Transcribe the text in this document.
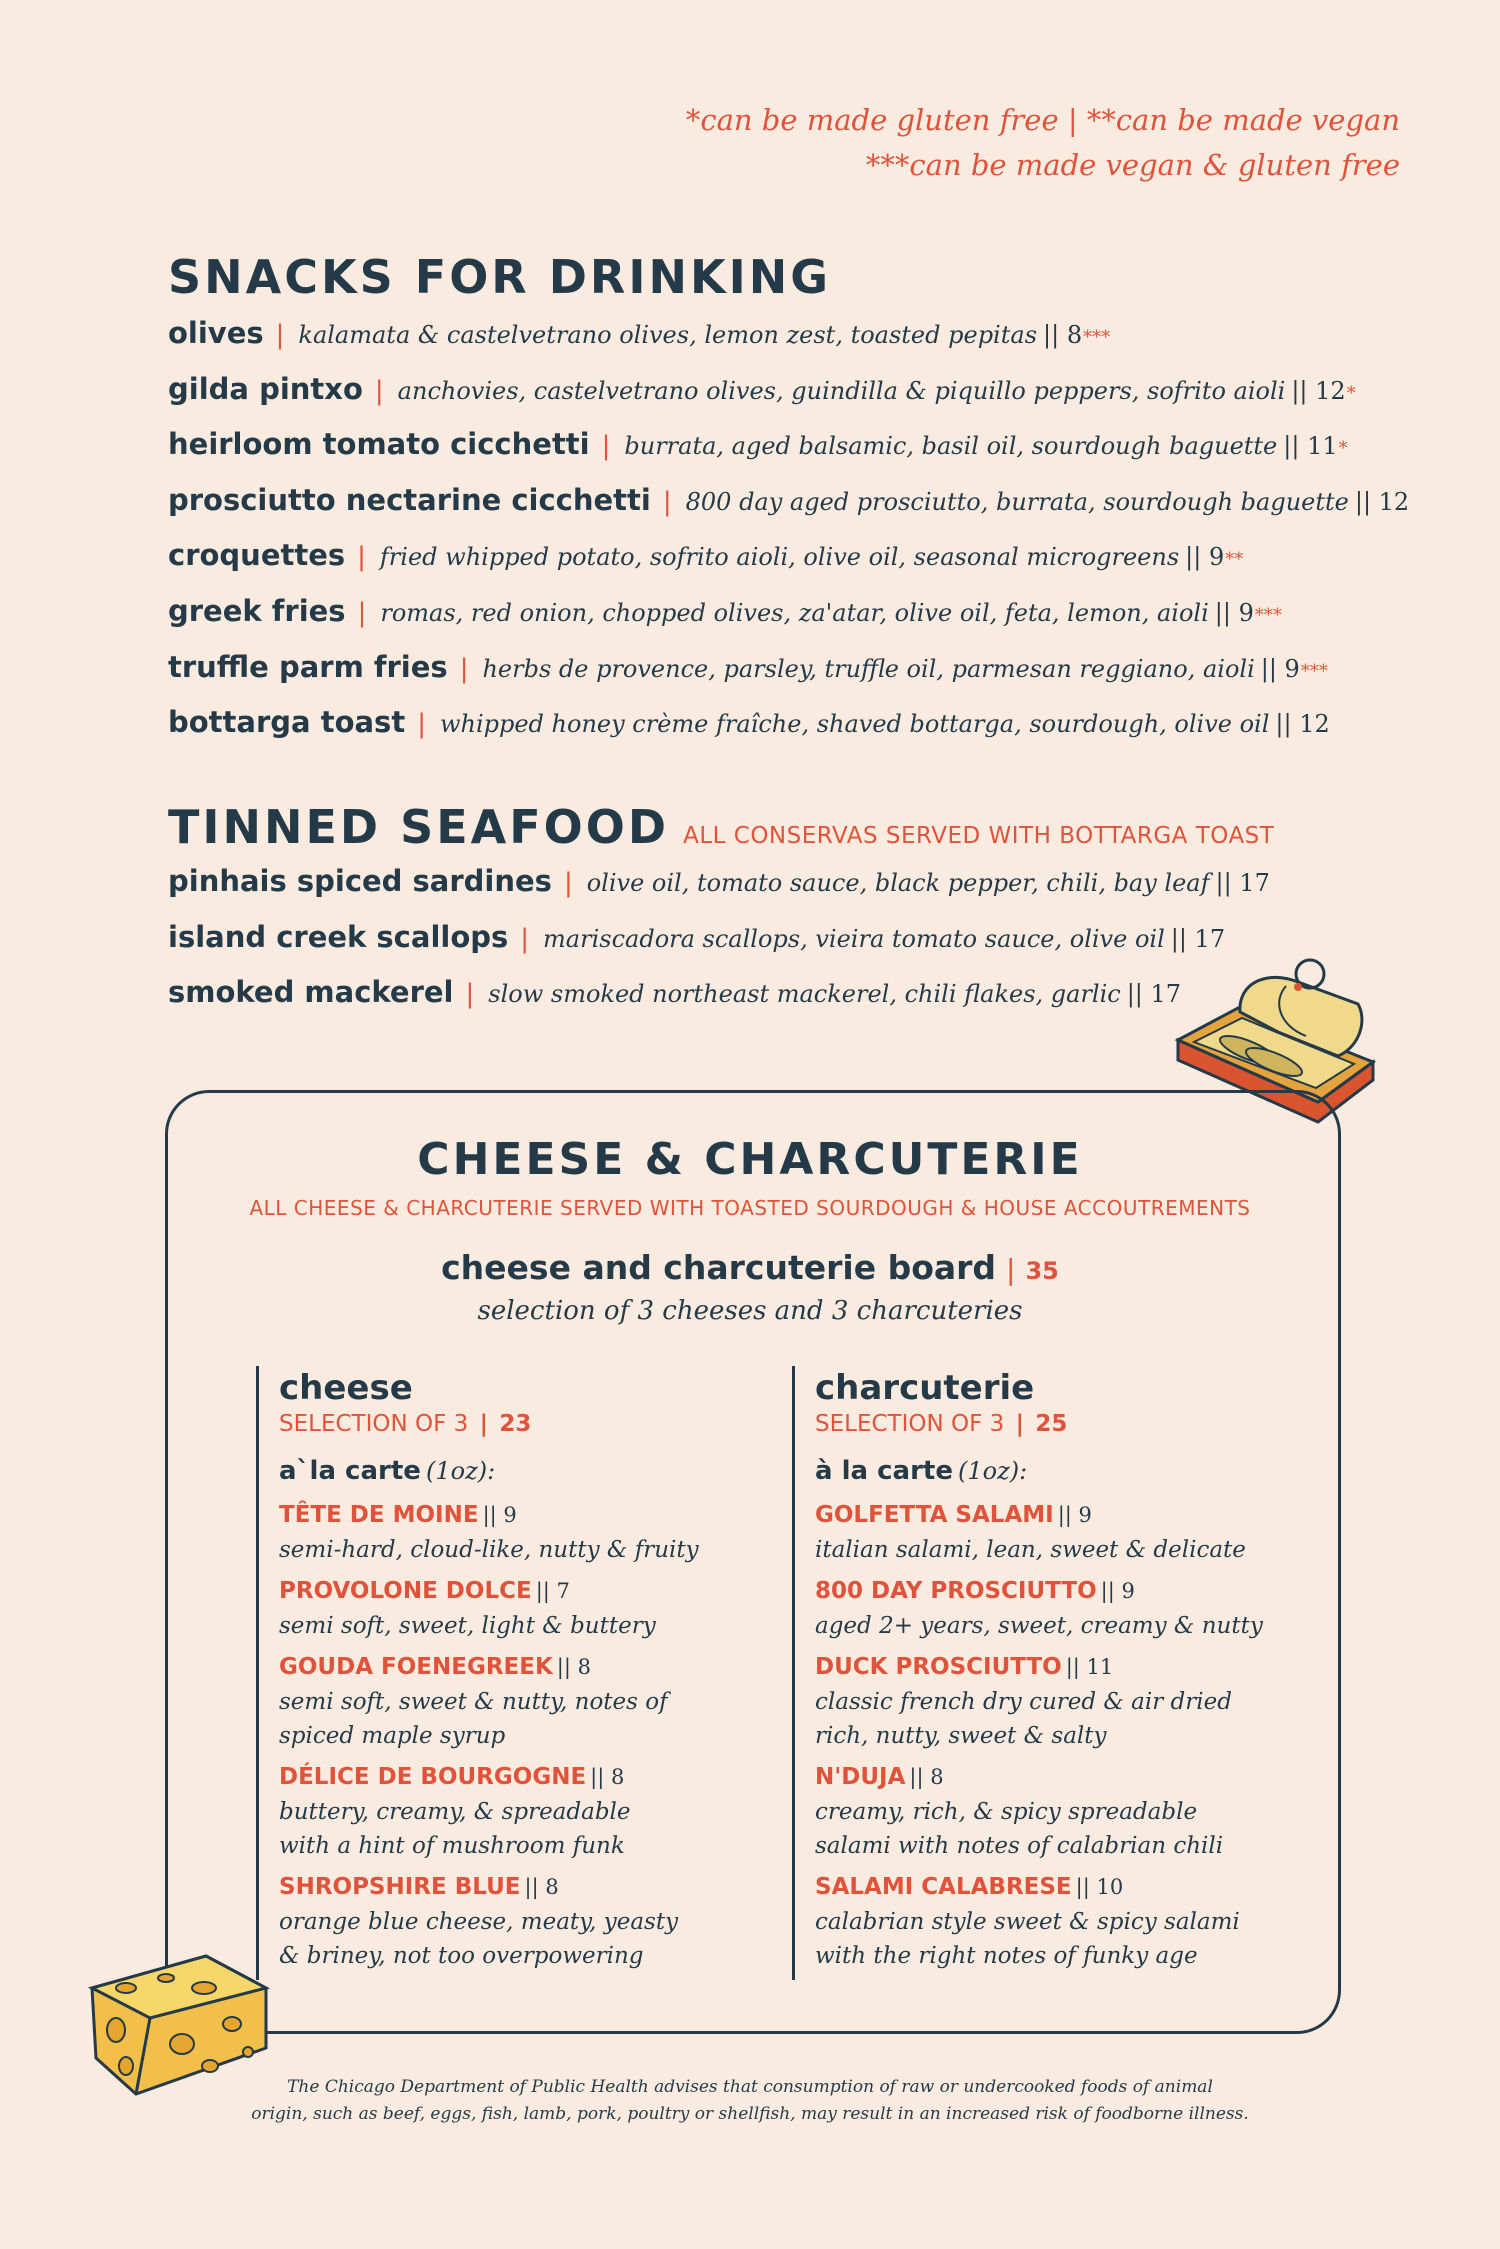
*can be made gluten free | **can be made vegan
***can be made vegan & gluten free
SNACKS FOR DRINKING
olives | kalamata & castelvetrano olives, lemon zest, toasted pepitas || 8 ***
gilda pintxo | anchovies, castelvetrano olives, guindilla & piquillo peppers, sofrito aioli || 12 *
heirloom tomato cicchetti | burrata, aged balsamic, basil oil, sourdough baguette || 11 *
prosciutto nectarine cicchetti | 800 day aged prosciutto, burrata, sourdough baguette || 12
croquettes | fried whipped potato, sofrito aioli, olive oil, seasonal microgreens || 9 **
greek fries | romas, red onion, chopped olives, za'atar, olive oil, feta, lemon, aioli || 9 ***
truffle parm fries | herbs de provence, parsley, truffle oil, parmesan reggiano, aioli || 9 ***
bottarga toast | whipped honey crème fraîche, shaved bottarga, sourdough, olive oil || 12
TINNED SEAFOOD ALL CONSERVAS SERVED WITH BOTTARGA TOAST
pinhais spiced sardines | olive oil, tomato sauce, black pepper, chili, bay leaf || 17
island creek scallops | mariscadora scallops, vieira tomato sauce, olive oil || 17
smoked mackerel | slow smoked northeast mackerel, chili flakes, garlic || 17
CHEESE & CHARCUTERIE
ALL CHEESE & CHARCUTERIE SERVED WITH TOASTED SOURDOUGH & HOUSE ACCOUTREMENTS
cheese and charcuterie board | 35
selection of 3 cheeses and 3 charcuteries
cheese
SELECTION OF 3 | 23
a`la carte (1oz):
TÊTE DE MOINE || 9
semi-hard, cloud-like, nutty & fruity
PROVOLONE DOLCE || 7
semi soft, sweet, light & buttery
GOUDA FOENEGREEK || 8
semi soft, sweet & nutty, notes of
spiced maple syrup
DÉLICE DE BOURGOGNE || 8
buttery, creamy, & spreadable
with a hint of mushroom funk
SHROPSHIRE BLUE || 8
orange blue cheese, meaty, yeasty
& briney, not too overpowering
charcuterie
SELECTION OF 3 | 25
à la carte (1oz):
GOLFETTA SALAMI || 9
italian salami, lean, sweet & delicate
800 DAY PROSCIUTTO || 9
aged 2+ years, sweet, creamy & nutty
DUCK PROSCIUTTO || 11
classic french dry cured & air dried
rich, nutty, sweet & salty
N'DUJA || 8
creamy, rich, & spicy spreadable
salami with notes of calabrian chili
SALAMI CALABRESE || 10
calabrian style sweet & spicy salami
with the right notes of funky age
The Chicago Department of Public Health advises that consumption of raw or undercooked foods of animal
origin, such as beef, eggs, fish, lamb, pork, poultry or shellfish, may result in an increased risk of foodborne illness.
